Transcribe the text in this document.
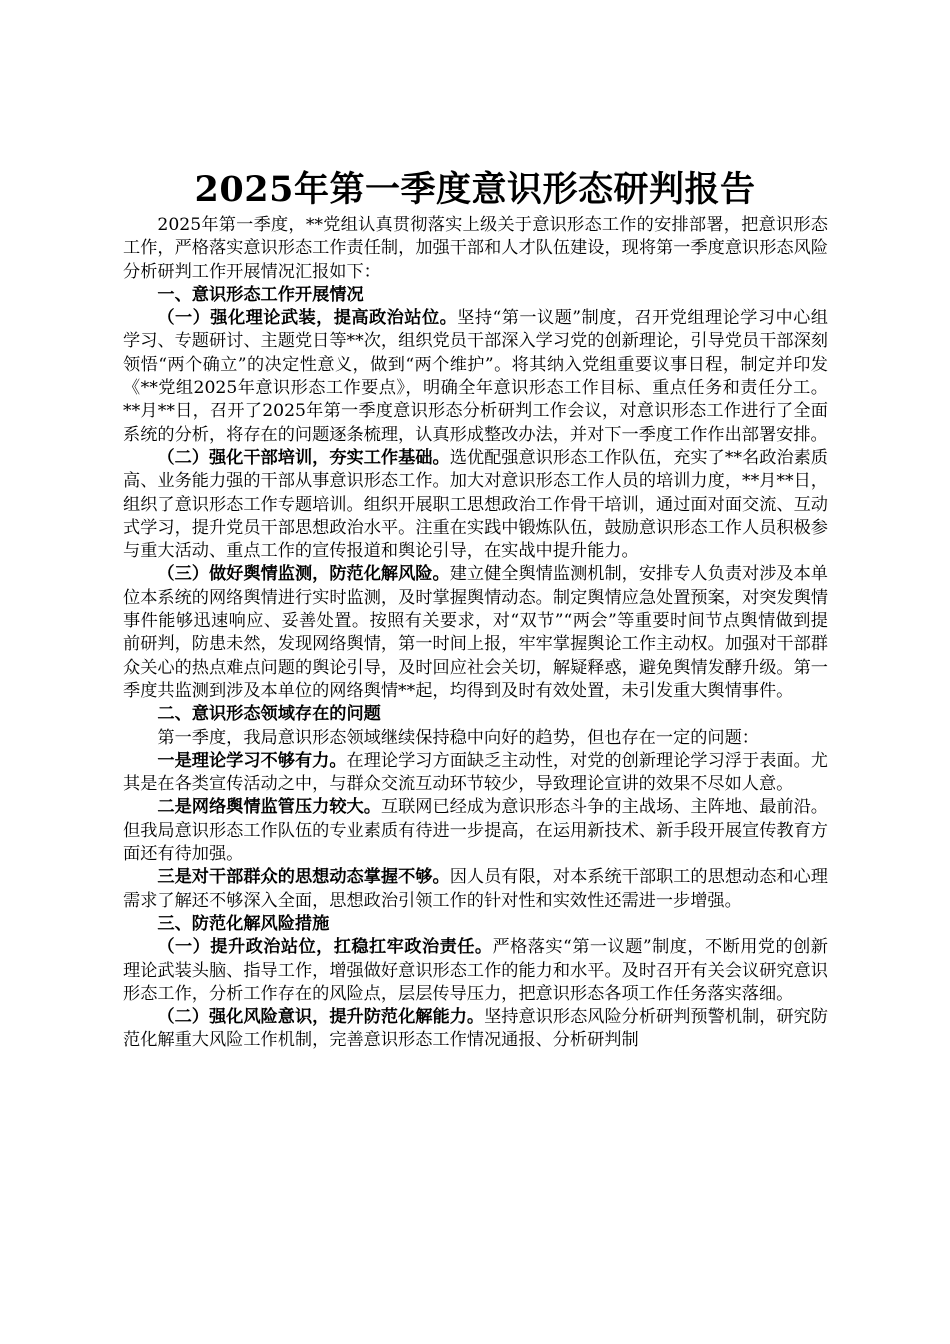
2025年第一季度意识形态研判报告

2025年第一季度，**党组认真贯彻落实上级关于意识形态工作的安排部署，把意识形态工作，严格落实意识形态工作责任制，加强干部和人才队伍建设，现将第一季度意识形态风险分析研判工作开展情况汇报如下：

一、意识形态工作开展情况

（一）强化理论武装，提高政治站位。坚持“第一议题”制度，召开党组理论学习中心组学习、专题研讨、主题党日等**次，组织党员干部深入学习党的创新理论，引导党员干部深刻领悟“两个确立”的决定性意义，做到“两个维护”。将其纳入党组重要议事日程，制定并印发《**党组2025年意识形态工作要点》，明确全年意识形态工作目标、重点任务和责任分工。**月**日，召开了2025年第一季度意识形态分析研判工作会议，对意识形态工作进行了全面系统的分析，将存在的问题逐条梳理，认真形成整改办法，并对下一季度工作作出部署安排。

（二）强化干部培训，夯实工作基础。选优配强意识形态工作队伍，充实了**名政治素质高、业务能力强的干部从事意识形态工作。加大对意识形态工作人员的培训力度，**月**日，组织了意识形态工作专题培训。组织开展职工思想政治工作骨干培训，通过面对面交流、互动式学习，提升党员干部思想政治水平。注重在实践中锻炼队伍，鼓励意识形态工作人员积极参与重大活动、重点工作的宣传报道和舆论引导，在实战中提升能力。

（三）做好舆情监测，防范化解风险。建立健全舆情监测机制，安排专人负责对涉及本单位本系统的网络舆情进行实时监测，及时掌握舆情动态。制定舆情应急处置预案，对突发舆情事件能够迅速响应、妥善处置。按照有关要求，对“双节”“两会”等重要时间节点舆情做到提前研判，防患未然，发现网络舆情，第一时间上报，牢牢掌握舆论工作主动权。加强对干部群众关心的热点难点问题的舆论引导，及时回应社会关切，解疑释惑，避免舆情发酵升级。第一季度共监测到涉及本单位的网络舆情**起，均得到及时有效处置，未引发重大舆情事件。

二、意识形态领域存在的问题

第一季度，我局意识形态领域继续保持稳中向好的趋势，但也存在一定的问题：

一是理论学习不够有力。在理论学习方面缺乏主动性，对党的创新理论学习浮于表面。尤其是在各类宣传活动之中，与群众交流互动环节较少，导致理论宣讲的效果不尽如人意。

二是网络舆情监管压力较大。互联网已经成为意识形态斗争的主战场、主阵地、最前沿。但我局意识形态工作队伍的专业素质有待进一步提高，在运用新技术、新手段开展宣传教育方面还有待加强。

三是对干部群众的思想动态掌握不够。因人员有限，对本系统干部职工的思想动态和心理需求了解还不够深入全面，思想政治引领工作的针对性和实效性还需进一步增强。

三、防范化解风险措施

（一）提升政治站位，扛稳扛牢政治责任。严格落实“第一议题”制度，不断用党的创新理论武装头脑、指导工作，增强做好意识形态工作的能力和水平。及时召开有关会议研究意识形态工作，分析工作存在的风险点，层层传导压力，把意识形态各项工作任务落实落细。

（二）强化风险意识，提升防范化解能力。坚持意识形态风险分析研判预警机制，研究防范化解重大风险工作机制，完善意识形态工作情况通报、分析研判制
